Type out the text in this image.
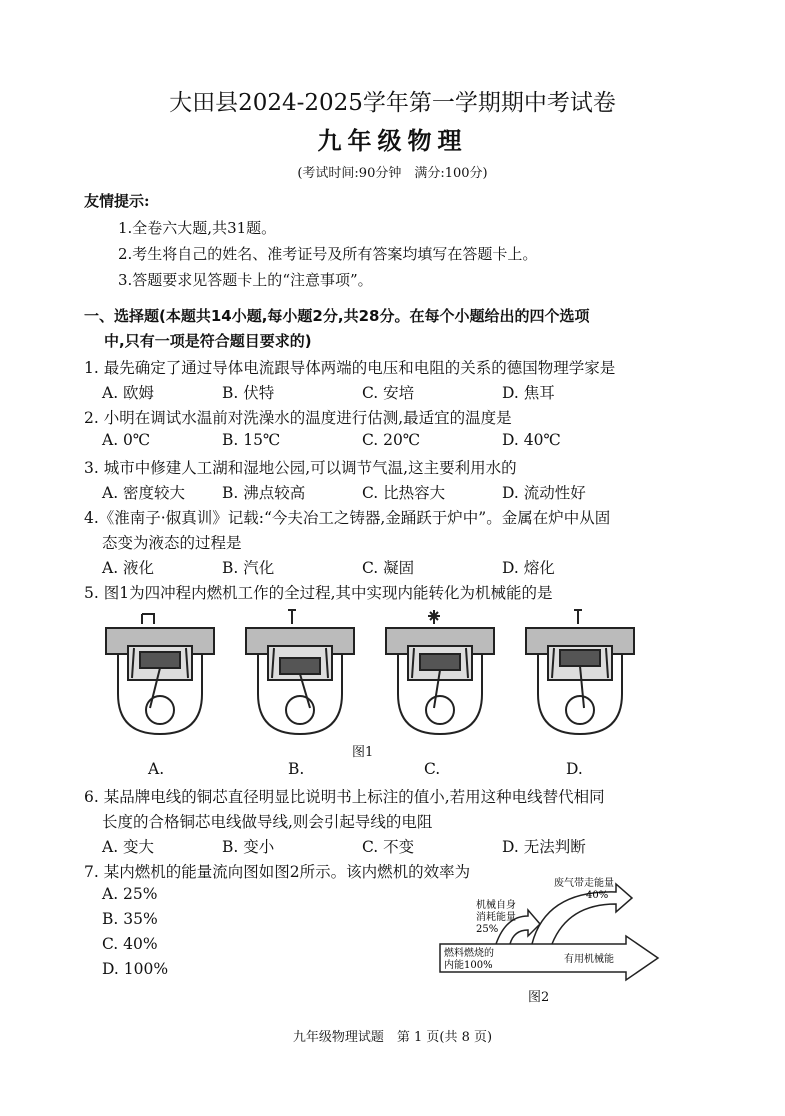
大田县2024-2025学年第一学期期中考试卷
九年级物理
(考试时间:90分钟　满分:100分)
友情提示:
1.全卷六大题,共31题。
2.考生将自己的姓名、准考证号及所有答案均填写在答题卡上。
3.答题要求见答题卡上的“注意事项”。
一、选择题(本题共14小题,每小题2分,共28分。在每个小题给出的四个选项
中,只有一项是符合题目要求的)
1. 最先确定了通过导体电流跟导体两端的电压和电阻的关系的德国物理学家是
A. 欧姆	B. 伏特	C. 安培	D. 焦耳
2. 小明在调试水温前对洗澡水的温度进行估测,最适宜的温度是
A. 0℃	B. 15℃	C. 20℃	D. 40℃
3. 城市中修建人工湖和湿地公园,可以调节气温,这主要利用水的
A. 密度较大 B. 沸点较高	C. 比热容大	D. 流动性好
4.《淮南子·俶真训》记载:“今夫冶工之铸器,金踊跃于炉中”。金属在炉中从固
态变为液态的过程是
A. 液化	B. 汽化	C. 凝固	D. 熔化
5. 图1为四冲程内燃机工作的全过程,其中实现内能转化为机械能的是
图1
A.	B.	C.	D.
6. 某品牌电线的铜芯直径明显比说明书上标注的值小,若用这种电线替代相同
长度的合格铜芯电线做导线,则会引起导线的电阻
A. 变大	B. 变小	C. 不变	D. 无法判断
7. 某内燃机的能量流向图如图2所示。该内燃机的效率为
A. 25%
B. 35%
C. 40%
D. 100%
机械自身
消耗能量
25%
废气带走能量
40%
燃料燃烧的
内能100%
有用机械能
图2
九年级物理试题　第 1 页(共 8 页)
